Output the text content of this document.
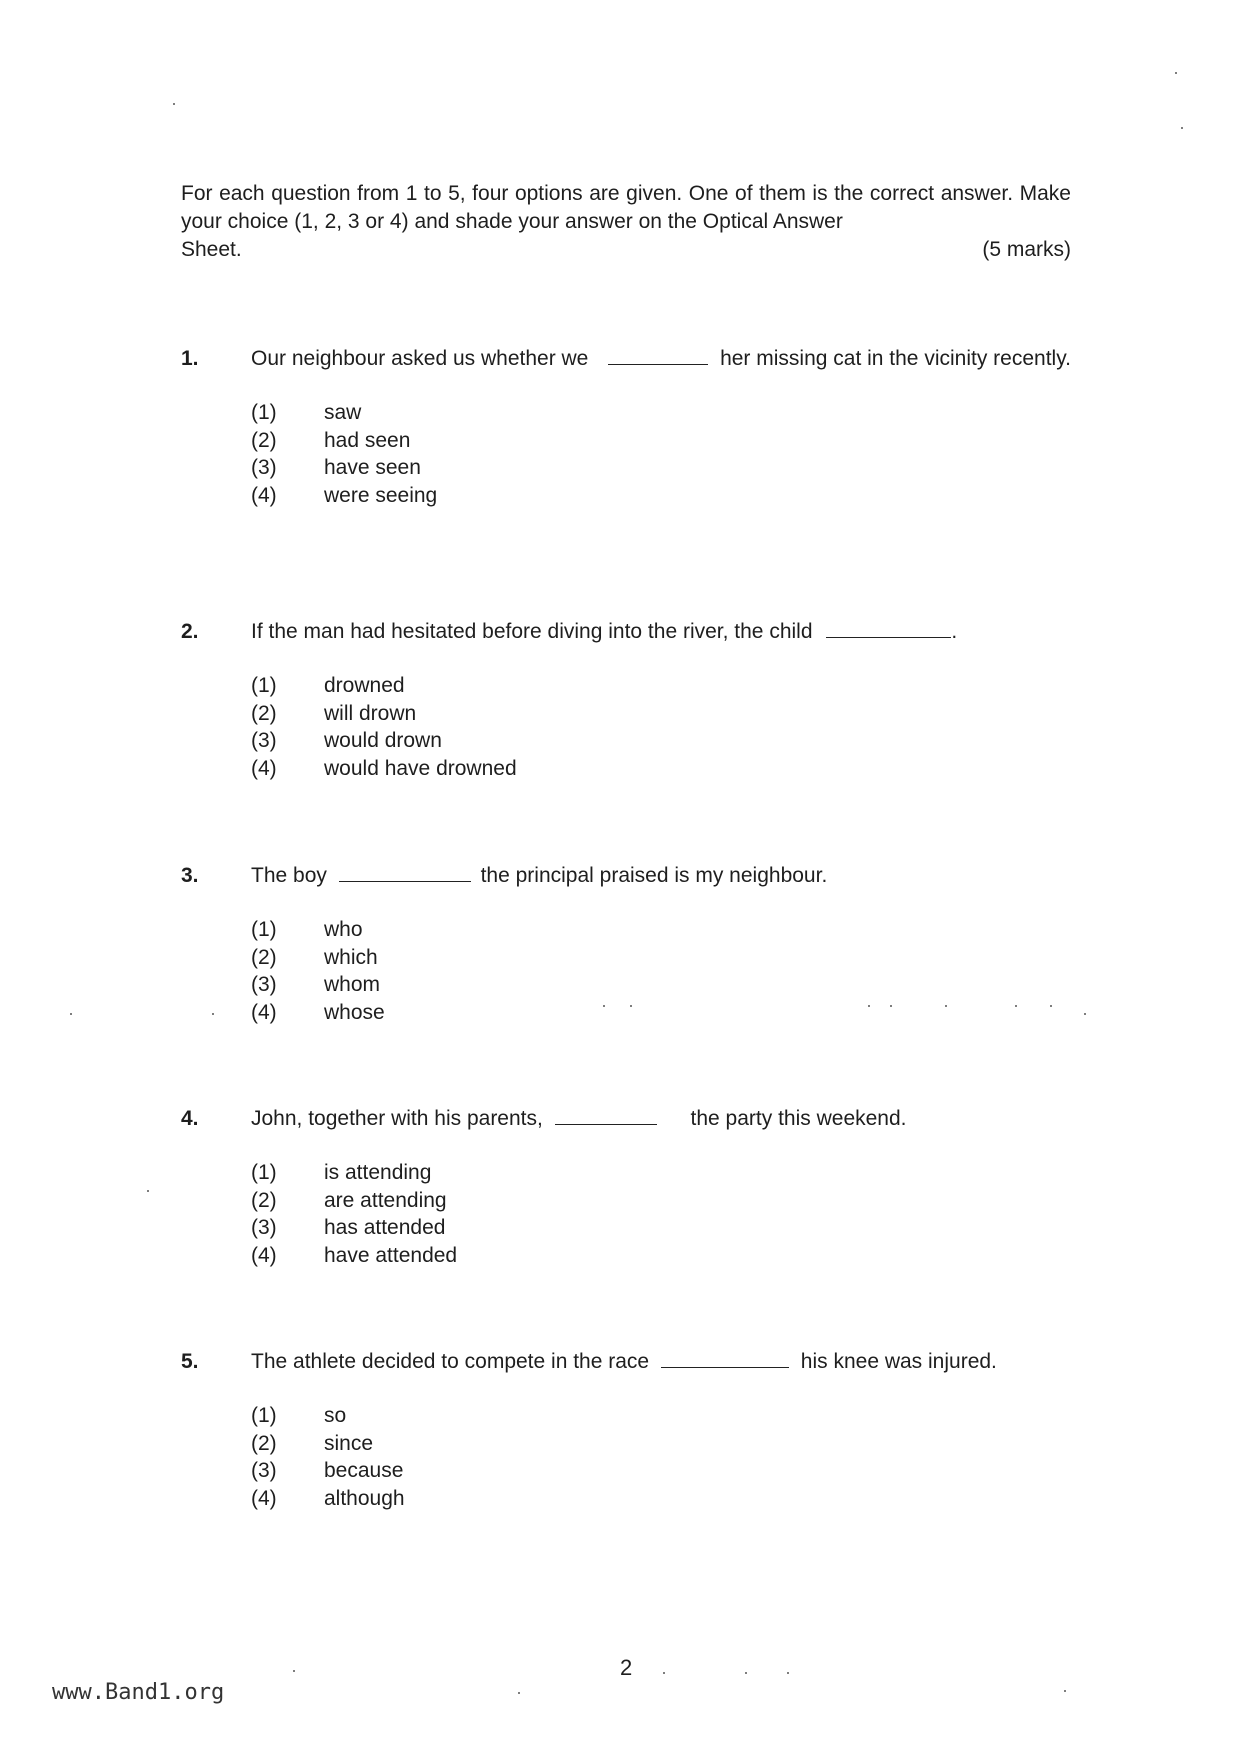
For each question from 1 to 5, four options are given. One of them is the correct answer. Make your choice (1, 2, 3 or 4) and shade your answer on the Optical Answer
Sheet.	(5 marks)
1. Our neighbour asked us whether we	her missing cat in the vicinity recently.
(1)	saw
(2)	had seen
(3)	have seen
(4)	were seeing
2. If the man had hesitated before diving into the river, the child	.
(1)	drowned
(2)	will drown
(3)	would drown
(4)	would have drowned
3. The boy	the principal praised is my neighbour.
(1)	who
(2)	which
(3)	whom
(4)	whose
4. John, together with his parents,	the party this weekend.
(1)	is attending
(2)	are attending
(3)	has attended
(4)	have attended
5. The athlete decided to compete in the race	his knee was injured.
(1)	so
(2)	since
(3)	because
(4)	although
2
www.Band1.org
